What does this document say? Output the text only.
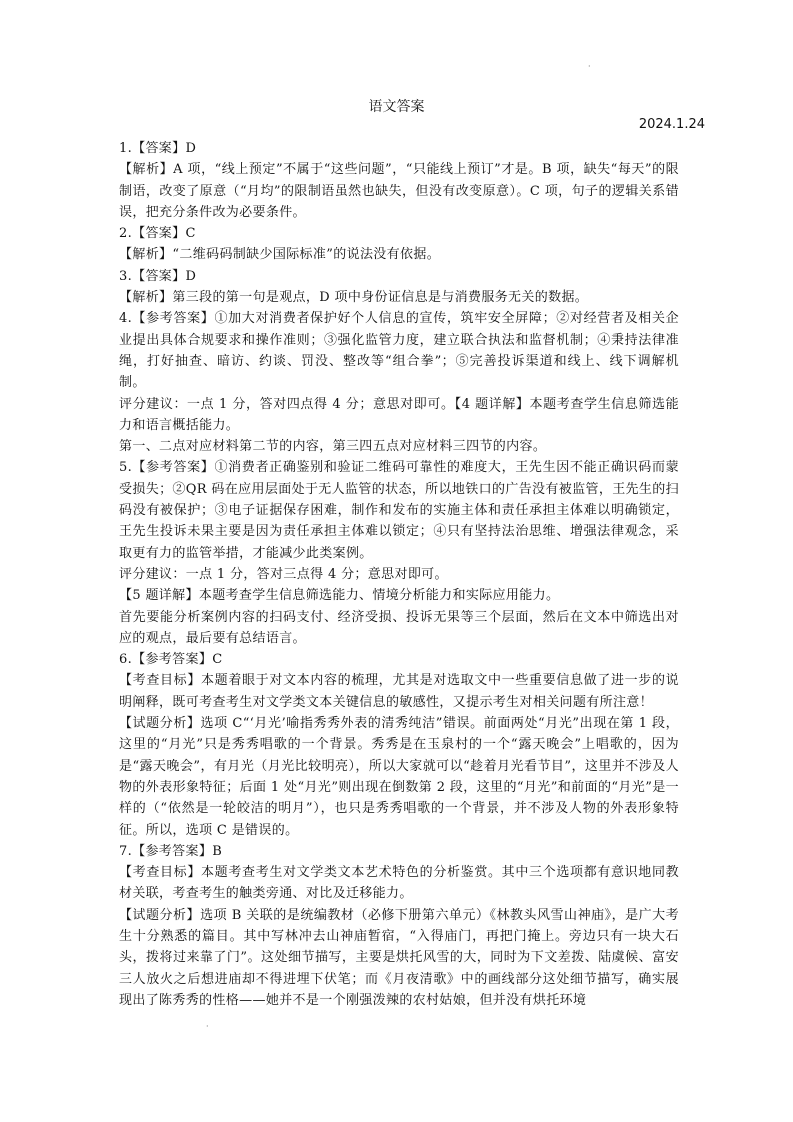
·
语文答案
2024.1.24

1.【答案】D

【解析】A 项，“线上预定”不属于“这些问题”，“只能线上预订”才是。B 项，缺失“每天”的限制语，改变了原意（“月均”的限制语虽然也缺失，但没有改变原意）。C 项，句子的逻辑关系错误，把充分条件改为必要条件。

2.【答案】C

【解析】“二维码码制缺少国际标准”的说法没有依据。

3.【答案】D

【解析】第三段的第一句是观点，D 项中身份证信息是与消费服务无关的数据。

4.【参考答案】①加大对消费者保护好个人信息的宣传，筑牢安全屏障；②对经营者及相关企业提出具体合规要求和操作准则；③强化监管力度，建立联合执法和监督机制；④秉持法律准绳，打好抽查、暗访、约谈、罚没、整改等“组合拳”；⑤完善投诉渠道和线上、线下调解机制。

评分建议：一点 1 分，答对四点得 4 分；意思对即可。【4 题详解】本题考查学生信息筛选能力和语言概括能力。

第一、二点对应材料第二节的内容，第三四五点对应材料三四节的内容。

5.【参考答案】①消费者正确鉴别和验证二维码可靠性的难度大，王先生因不能正确识码而蒙受损失；②QR 码在应用层面处于无人监管的状态，所以地铁口的广告没有被监管，王先生的扫码没有被保护；③电子证据保存困难，制作和发布的实施主体和责任承担主体难以明确锁定，王先生投诉未果主要是因为责任承担主体难以锁定；④只有坚持法治思维、增强法律观念，采取更有力的监管举措，才能减少此类案例。

评分建议：一点 1 分，答对三点得 4 分；意思对即可。

【5 题详解】本题考查学生信息筛选能力、情境分析能力和实际应用能力。

首先要能分析案例内容的扫码支付、经济受损、投诉无果等三个层面，然后在文本中筛选出对应的观点，最后要有总结语言。

6.【参考答案】C

【考查目标】本题着眼于对文本内容的梳理，尤其是对选取文中一些重要信息做了进一步的说明阐释，既可考查考生对文学类文本关键信息的敏感性，又提示考生对相关问题有所注意！

【试题分析】选项 C“‘月光’喻指秀秀外表的清秀纯洁”错误。前面两处“月光”出现在第 1 段，这里的“月光”只是秀秀唱歌的一个背景。秀秀是在玉泉村的一个“露天晚会”上唱歌的，因为是“露天晚会”，有月光（月光比较明亮），所以大家就可以“趁着月光看节目”，这里并不涉及人物的外表形象特征；后面 1 处“月光”则出现在倒数第 2 段，这里的“月光”和前面的“月光”是一样的（“依然是一轮皎洁的明月”），也只是秀秀唱歌的一个背景，并不涉及人物的外表形象特征。所以，选项 C 是错误的。

7.【参考答案】B

【考查目标】本题考查考生对文学类文本艺术特色的分析鉴赏。其中三个选项都有意识地同教材关联，考查考生的触类旁通、对比及迁移能力。

【试题分析】选项 B 关联的是统编教材（必修下册第六单元）《林教头风雪山神庙》，是广大考生十分熟悉的篇目。其中写林冲去山神庙暂宿，“入得庙门，再把门掩上。旁边只有一块大石头，拨将过来靠了门”。这处细节描写，主要是烘托风雪的大，同时为下文差拨、陆虞候、富安三人放火之后想进庙却不得进埋下伏笔；而《月夜清歌》中的画线部分这处细节描写，确实展现出了陈秀秀的性格——她并不是一个刚强泼辣的农村姑娘，但并没有烘托环境

·
